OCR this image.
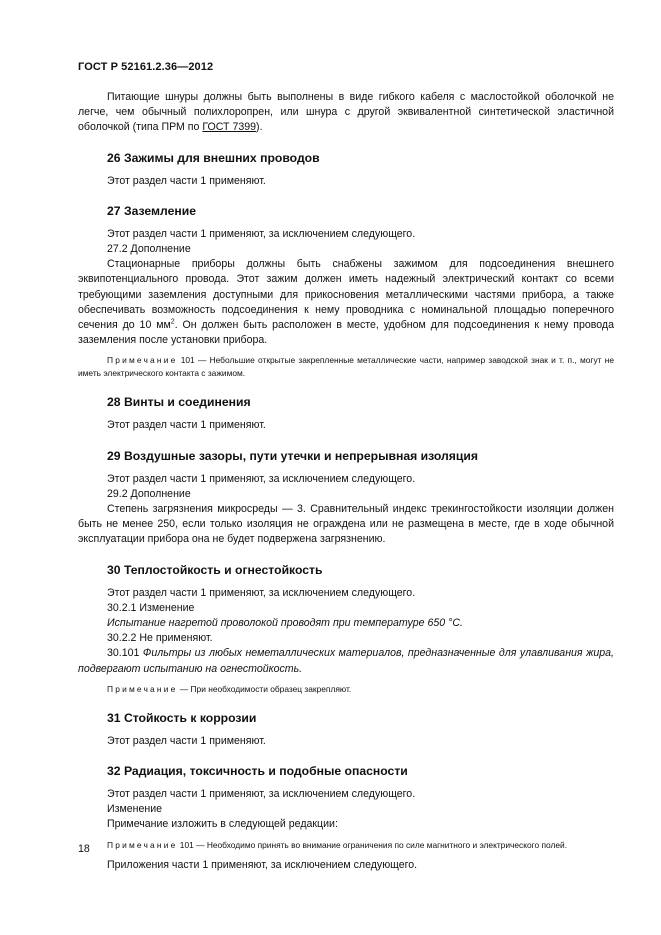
ГОСТ Р 52161.2.36—2012

Питающие шнуры должны быть выполнены в виде гибкого кабеля с маслостойкой оболочкой не легче, чем обычный полихлоропрен, или шнура с другой эквивалентной синтетической эластичной оболочкой (типа ПРМ по ГОСТ 7399).

26 Зажимы для внешних проводов

Этот раздел части 1 применяют.

27 Заземление

Этот раздел части 1 применяют, за исключением следующего.

27.2 Дополнение

Стационарные приборы должны быть снабжены зажимом для подсоединения внешнего эквипотенциального провода. Этот зажим должен иметь надежный электрический контакт со всеми требующими заземления доступными для прикосновения металлическими частями прибора, а также обеспечивать возможность подсоединения к нему проводника с номинальной площадью поперечного сечения до 10 $мм^2$. Он должен быть расположен в месте, удобном для подсоединения к нему провода заземления после установки прибора.

Примечание 101 — Небольшие открытые закрепленные металлические части, например заводской знак и т. п., могут не иметь электрического контакта с зажимом.

28 Винты и соединения

Этот раздел части 1 применяют.

29 Воздушные зазоры, пути утечки и непрерывная изоляция

Этот раздел части 1 применяют, за исключением следующего.

29.2 Дополнение

Степень загрязнения микросреды — 3. Сравнительный индекс трекингостойкости изоляции должен быть не менее 250, если только изоляция не ограждена или не размещена в месте, где в ходе обычной эксплуатации прибора она не будет подвержена загрязнению.

30 Теплостойкость и огнестойкость

Этот раздел части 1 применяют, за исключением следующего.

30.2.1 Изменение

Испытание нагретой проволокой проводят при температуре 650 °С.

30.2.2 Не применяют.

30.101 Фильтры из любых неметаллических материалов, предназначенные для улавливания жира, подвергают испытанию на огнестойкость.

Примечание — При необходимости образец закрепляют.

31 Стойкость к коррозии

Этот раздел части 1 применяют.

32 Радиация, токсичность и подобные опасности

Этот раздел части 1 применяют, за исключением следующего.

Изменение

Примечание изложить в следующей редакции:

Примечание 101 — Необходимо принять во внимание ограничения по силе магнитного и электрического полей.

Приложения части 1 применяют, за исключением следующего.

18
